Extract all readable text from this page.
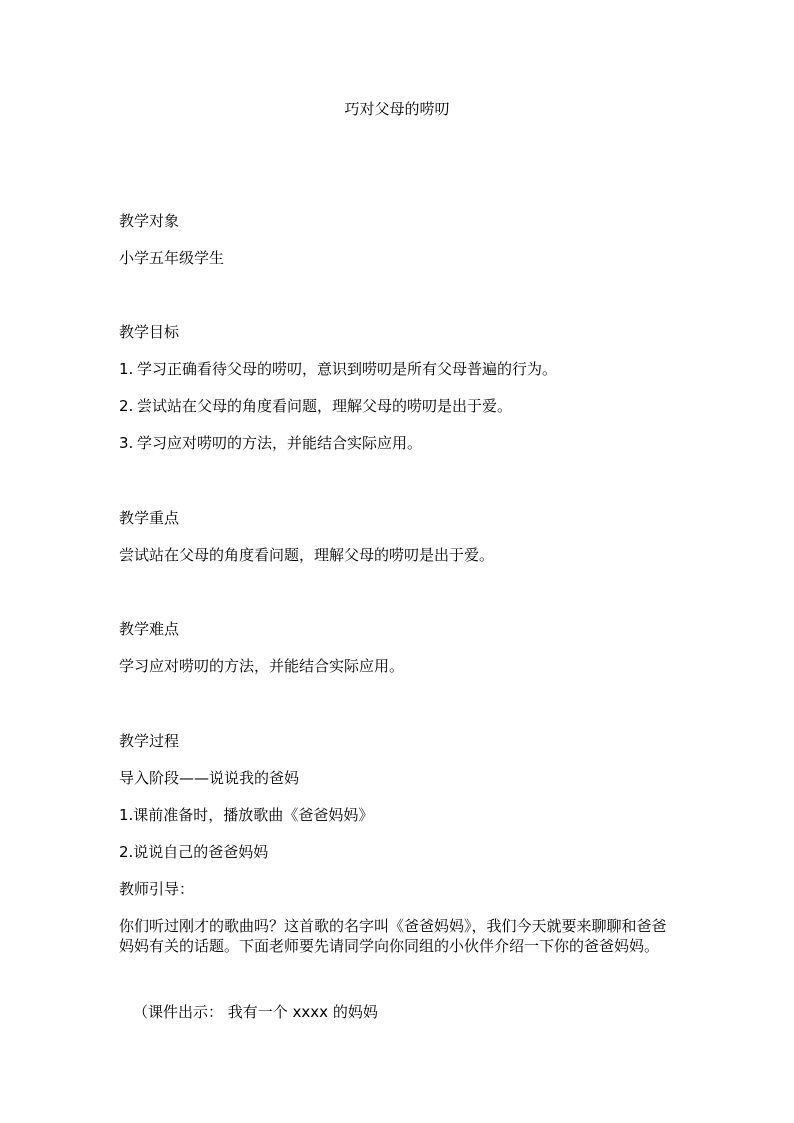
巧对父母的唠叨
教学对象
小学五年级学生
教学目标
1. 学习正确看待父母的唠叨，意识到唠叨是所有父母普遍的行为。
2. 尝试站在父母的角度看问题，理解父母的唠叨是出于爱。
3. 学习应对唠叨的方法，并能结合实际应用。
教学重点
尝试站在父母的角度看问题，理解父母的唠叨是出于爱。
教学难点
学习应对唠叨的方法，并能结合实际应用。
教学过程
导入阶段——说说我的爸妈
1.课前准备时，播放歌曲《爸爸妈妈》
2.说说自己的爸爸妈妈
教师引导：
你们听过刚才的歌曲吗？这首歌的名字叫《爸爸妈妈》，我们今天就要来聊聊和爸爸妈妈有关的话题。下面老师要先请同学向你同组的小伙伴介绍一下你的爸爸妈妈。
（课件出示： 我有一个 xxxx 的妈妈
